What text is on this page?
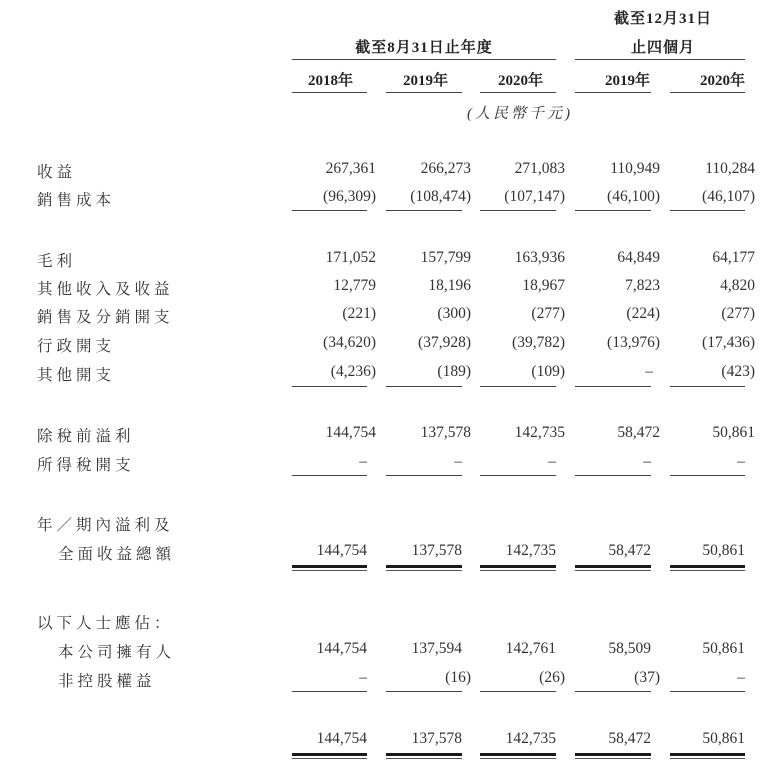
截至12月31日
截至8月31日止年度	止四個月
2018年	2019年	2020年	2019年	2020年
(人民幣千元)
收益	267,361	266,273	271,083	110,949	110,284
銷售成本	(96,309) (108,474) (107,147)	(46,100)	(46,107)
毛利	171,052	157,799	163,936	64,849	64,177
其他收入及收益	12,779	18,196	18,967	7,823	4,820
銷售及分銷開支	(221)	(300)	(277)	(224)	(277)
行政開支	(34,620)	(37,928)	(39,782)	(13,976)	(17,436)
其他開支	(4,236)	(189)	(109)	–	(423)
除稅前溢利	144,754	137,578	142,735	58,472	50,861
所得稅開支	–	–	–	–	–
年／期內溢利及
全面收益總額	144,754	137,578	142,735	58,472	50,861
以下人士應佔：
本公司擁有人	144,754	137,594	142,761	58,509	50,861
非控股權益	–	(16)	(26)	(37)	–
144,754	137,578	142,735	58,472	50,861
